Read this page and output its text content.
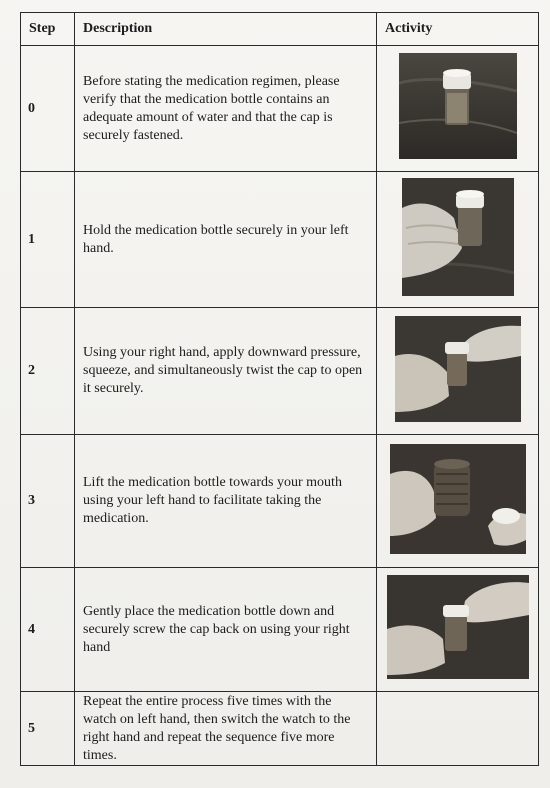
Step	Description	Activity
0	Before stating the medication regimen, please verify that the medication bottle contains an adequate amount of water and that the cap is securely fastened.	

1	Hold the medication bottle securely in your left hand.	

2	Using your right hand, apply downward pressure, squeeze, and simultaneously twist the cap to open it securely.	

3	Lift the medication bottle towards your mouth using your left hand to facilitate taking the medication.	

4	Gently place the medication bottle down and securely screw the cap back on using your right hand	

5	Repeat the entire process five times with the watch on left hand, then switch the watch to the right hand and repeat the sequence five more times.	
